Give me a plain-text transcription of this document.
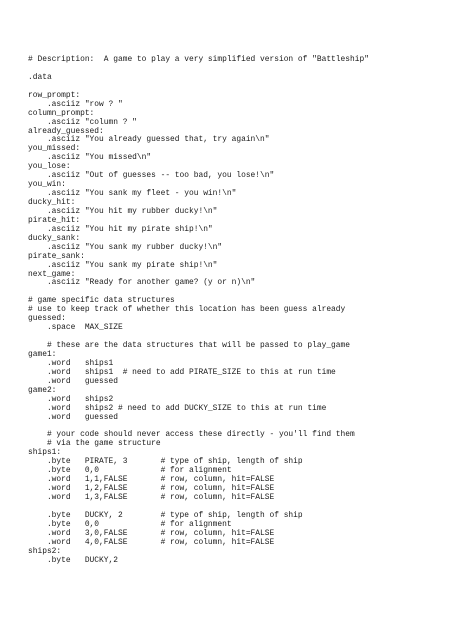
# Description:  A game to play a very simplified version of "Battleship"
.data
row_prompt:
.asciiz "row ? "
column_prompt:
.asciiz "column ? "
already_guessed:
.asciiz "You already guessed that, try again\n"
you_missed:
.asciiz "You missed\n"
you_lose:
.asciiz "Out of guesses -- too bad, you lose!\n"
you_win:
.asciiz "You sank my fleet - you win!\n"
ducky_hit:
.asciiz "You hit my rubber ducky!\n"
pirate_hit:
.asciiz "You hit my pirate ship!\n"
ducky_sank:
.asciiz "You sank my rubber ducky!\n"
pirate_sank:
.asciiz "You sank my pirate ship!\n"
next_game:
.asciiz "Ready for another game? (y or n)\n"
# game specific data structures
# use to keep track of whether this location has been guess already
guessed:
.space  MAX_SIZE
# these are the data structures that will be passed to play_game
game1:
.word   ships1
.word   ships1  # need to add PIRATE_SIZE to this at run time
.word   guessed
game2:
.word   ships2
.word   ships2 # need to add DUCKY_SIZE to this at run time
.word   guessed
# your code should never access these directly - you'll find them
# via the game structure
ships1:
.byte   PIRATE, 3       # type of ship, length of ship
.byte   0,0             # for alignment
.word   1,1,FALSE       # row, column, hit=FALSE
.word   1,2,FALSE       # row, column, hit=FALSE
.word   1,3,FALSE       # row, column, hit=FALSE
.byte   DUCKY, 2        # type of ship, length of ship
.byte   0,0             # for alignment
.word   3,0,FALSE       # row, column, hit=FALSE
.word   4,0,FALSE       # row, column, hit=FALSE
ships2:
.byte   DUCKY,2
